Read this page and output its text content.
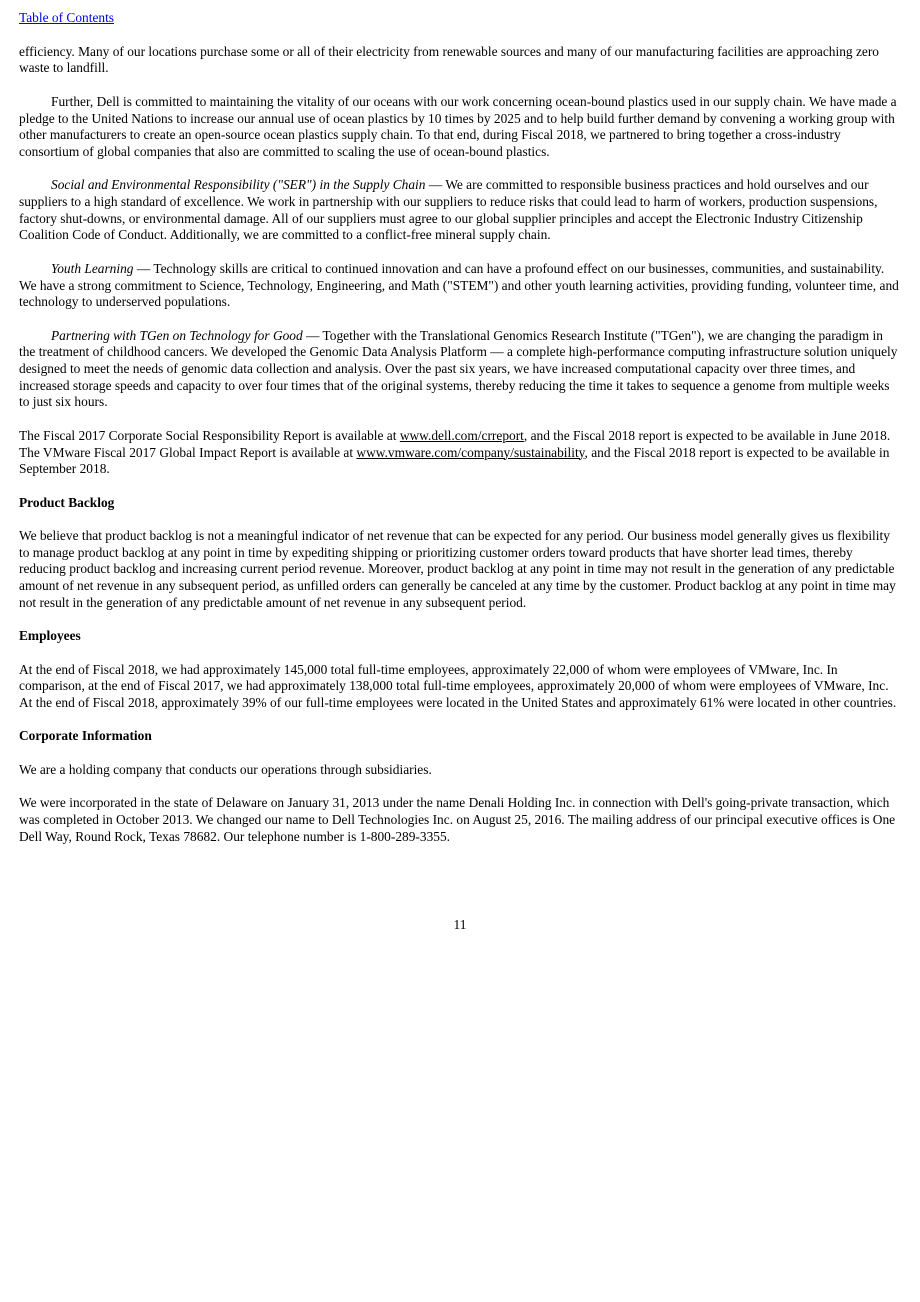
Table of Contents

efficiency. Many of our locations purchase some or all of their electricity from renewable sources and many of our manufacturing facilities are approaching zero waste to landfill.

Further, Dell is committed to maintaining the vitality of our oceans with our work concerning ocean-bound plastics used in our supply chain. We have made a pledge to the United Nations to increase our annual use of ocean plastics by 10 times by 2025 and to help build further demand by convening a working group with other manufacturers to create an open-source ocean plastics supply chain. To that end, during Fiscal 2018, we partnered to bring together a cross-industry consortium of global companies that also are committed to scaling the use of ocean-bound plastics.

Social and Environmental Responsibility ("SER") in the Supply Chain — We are committed to responsible business practices and hold ourselves and our suppliers to a high standard of excellence. We work in partnership with our suppliers to reduce risks that could lead to harm of workers, production suspensions, factory shut-downs, or environmental damage. All of our suppliers must agree to our global supplier principles and accept the Electronic Industry Citizenship Coalition Code of Conduct. Additionally, we are committed to a conflict-free mineral supply chain.

Youth Learning — Technology skills are critical to continued innovation and can have a profound effect on our businesses, communities, and sustainability. We have a strong commitment to Science, Technology, Engineering, and Math ("STEM") and other youth learning activities, providing funding, volunteer time, and technology to underserved populations.

Partnering with TGen on Technology for Good — Together with the Translational Genomics Research Institute ("TGen"), we are changing the paradigm in the treatment of childhood cancers. We developed the Genomic Data Analysis Platform — a complete high-performance computing infrastructure solution uniquely designed to meet the needs of genomic data collection and analysis. Over the past six years, we have increased computational capacity over three times, and increased storage speeds and capacity to over four times that of the original systems, thereby reducing the time it takes to sequence a genome from multiple weeks to just six hours.

The Fiscal 2017 Corporate Social Responsibility Report is available at www.dell.com/crreport, and the Fiscal 2018 report is expected to be available in June 2018. The VMware Fiscal 2017 Global Impact Report is available at www.vmware.com/company/sustainability, and the Fiscal 2018 report is expected to be available in September 2018.

Product Backlog

We believe that product backlog is not a meaningful indicator of net revenue that can be expected for any period. Our business model generally gives us flexibility to manage product backlog at any point in time by expediting shipping or prioritizing customer orders toward products that have shorter lead times, thereby reducing product backlog and increasing current period revenue. Moreover, product backlog at any point in time may not result in the generation of any predictable amount of net revenue in any subsequent period, as unfilled orders can generally be canceled at any time by the customer. Product backlog at any point in time may not result in the generation of any predictable amount of net revenue in any subsequent period.

Employees

At the end of Fiscal 2018, we had approximately 145,000 total full-time employees, approximately 22,000 of whom were employees of VMware, Inc. In comparison, at the end of Fiscal 2017, we had approximately 138,000 total full-time employees, approximately 20,000 of whom were employees of VMware, Inc. At the end of Fiscal 2018, approximately 39% of our full-time employees were located in the United States and approximately 61% were located in other countries.

Corporate Information

We are a holding company that conducts our operations through subsidiaries.

We were incorporated in the state of Delaware on January 31, 2013 under the name Denali Holding Inc. in connection with Dell's going-private transaction, which was completed in October 2013. We changed our name to Dell Technologies Inc. on August 25, 2016. The mailing address of our principal executive offices is One Dell Way, Round Rock, Texas 78682. Our telephone number is 1-800-289-3355.

11
